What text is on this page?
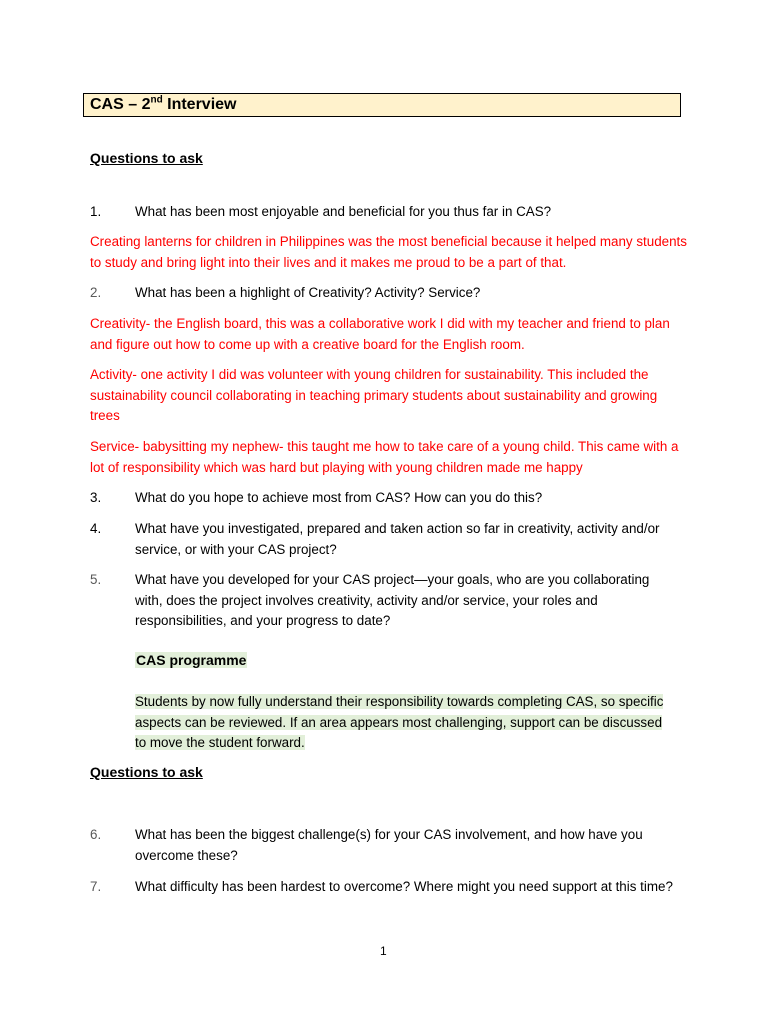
CAS – 2nd Interview
Questions to ask
1.	What has been most enjoyable and beneficial for you thus far in CAS?
Creating lanterns for children in Philippines was the most beneficial because it helped many students to study and bring light into their lives and it makes me proud to be a part of that.
2.	What has been a highlight of Creativity? Activity? Service?
Creativity- the English board, this was a collaborative work I did with my teacher and friend to plan and figure out how to come up with a creative board for the English room.
Activity- one activity I did was volunteer with young children for sustainability. This included the sustainability council collaborating in teaching primary students about sustainability and growing trees
Service- babysitting my nephew- this taught me how to take care of a young child. This came with a lot of responsibility which was hard but playing with young children made me happy
3.	What do you hope to achieve most from CAS? How can you do this?
4.	What have you investigated, prepared and taken action so far in creativity, activity and/or service, or with your CAS project?
5.	What have you developed for your CAS project—your goals, who are you collaborating with, does the project involves creativity, activity and/or service, your roles and responsibilities, and your progress to date?
CAS programme
Students by now fully understand their responsibility towards completing CAS, so specific aspects can be reviewed. If an area appears most challenging, support can be discussed to move the student forward.
Questions to ask
6.	What has been the biggest challenge(s) for your CAS involvement, and how have you overcome these?
7.	What difficulty has been hardest to overcome? Where might you need support at this time?
1
